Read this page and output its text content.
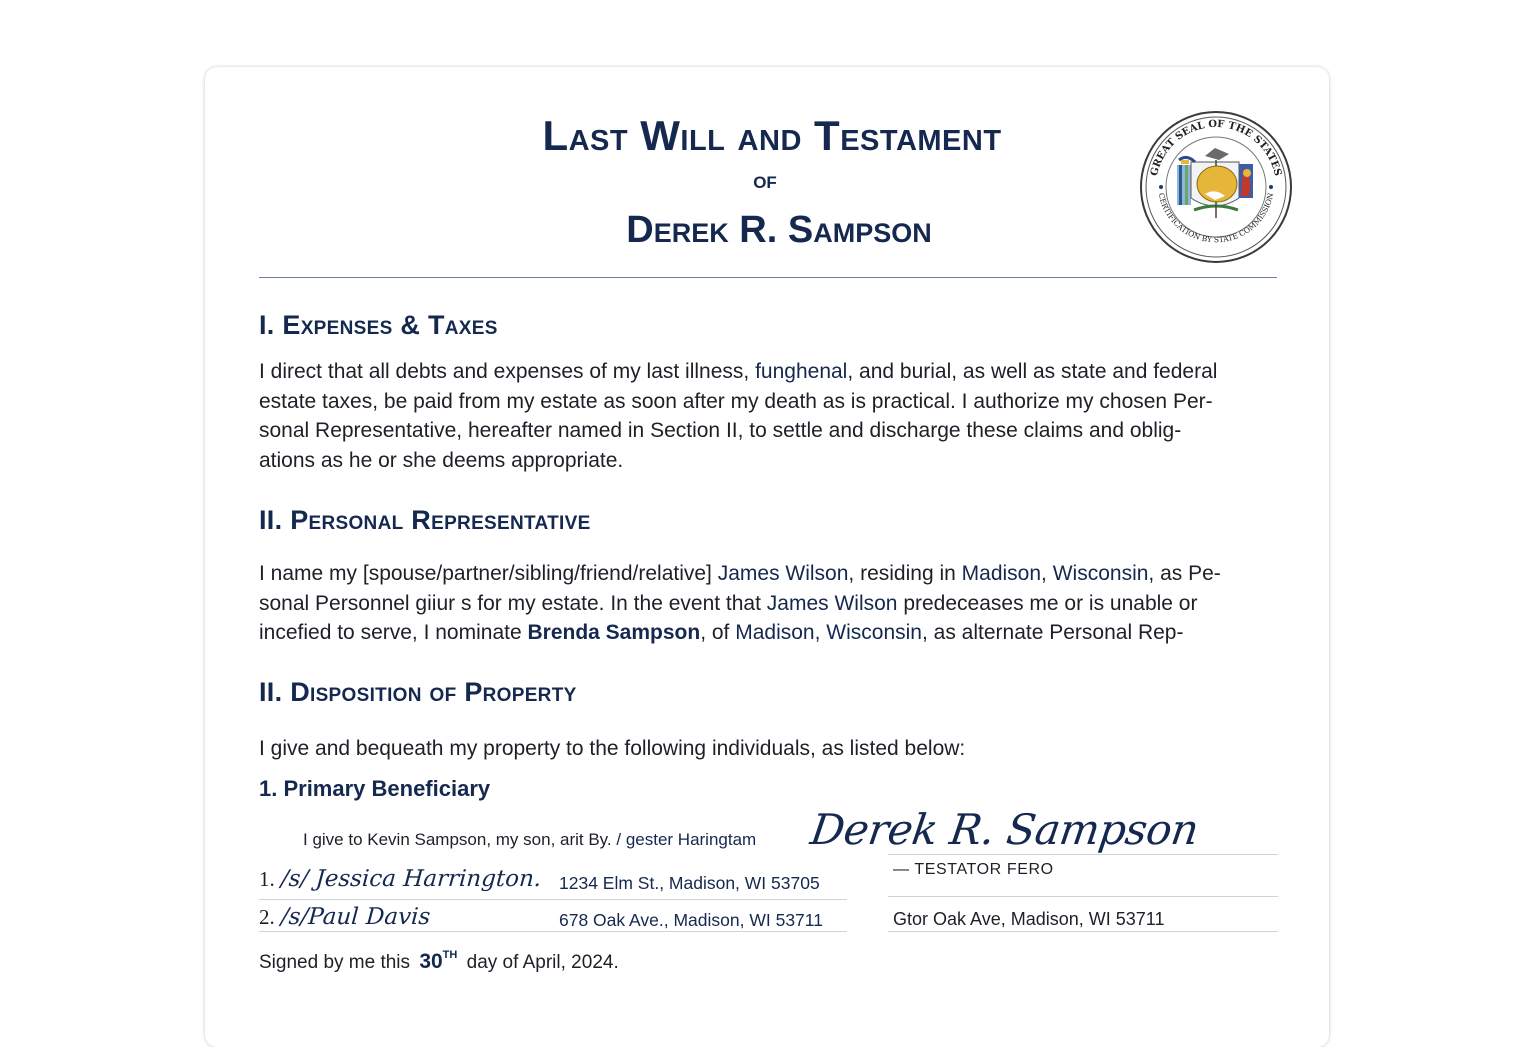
Last Will and Testament
of
Derek R. Sampson
GREAT SEAL OF THE STATES
CERTIFICATION BY STATE COMMISSION
I. Expenses & Taxes
I direct that all debts and expenses of my last illness, funghenal, and burial, as well as state and federal
estate taxes, be paid from my estate as soon after my death as is practical. I authorize my chosen Per-
sonal Representative, hereafter named in Section II, to settle and discharge these claims and oblig-
ations as he or she deems appropriate.
II. Personal Representative
I name my [spouse/partner/sibling/friend/relative] James Wilson, residing in Madison, Wisconsin, as Pe-
sonal Personnel giiur s for my estate. In the event that James Wilson predeceases me or is unable or
incefied to serve, I nominate Brenda Sampson, of Madison, Wisconsin, as alternate Personal Rep-
II. Disposition of Property
I give and bequeath my property to the following individuals, as listed below:
1. Primary Beneficiary
I give to Kevin Sampson, my son, arit By. / gester Haringtam Derek R. Sampson
— TESTATOR FERO
1. /s/ Jessica Harrington. 1234 Elm St., Madison, WI 53705
2. /s/Paul Davis	678 Oak Ave., Madison, WI 53711	Gtor Oak Ave, Madison, WI 53711
Signed by me this 30TH day of April, 2024.
